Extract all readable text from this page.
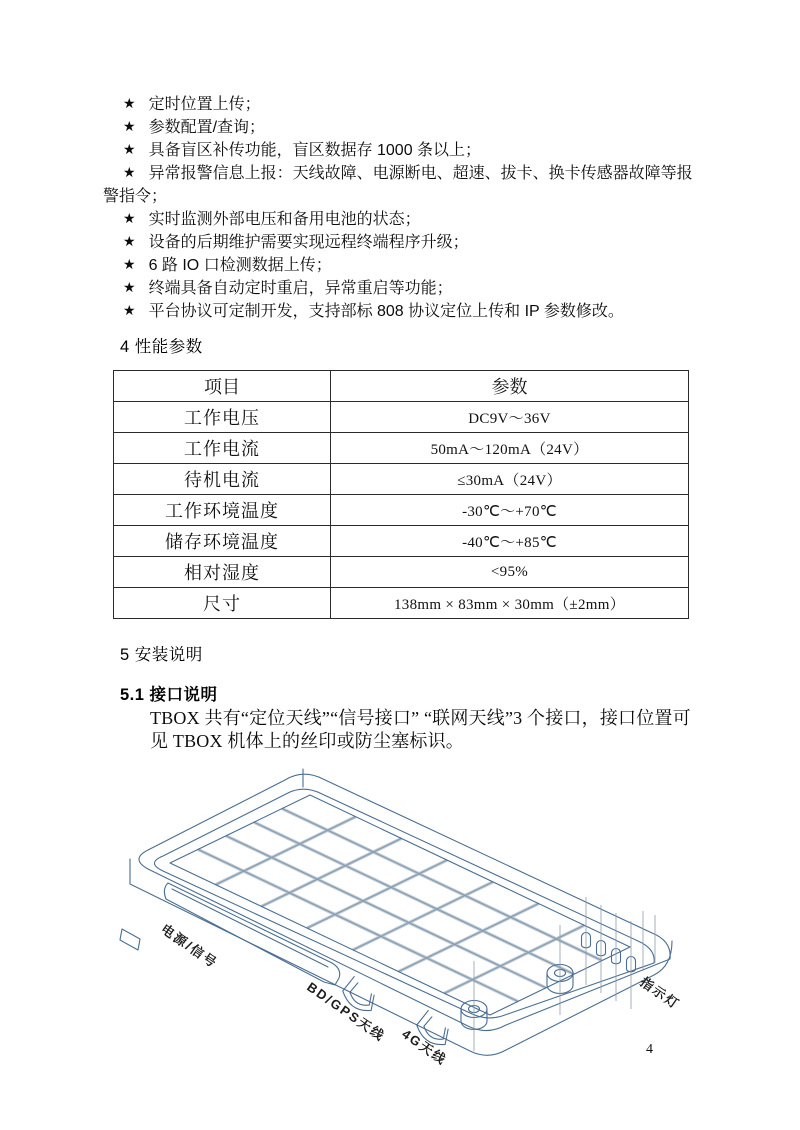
★ 定时位置上传；
★ 参数配置/查询；
★ 具备盲区补传功能，盲区数据存 1000 条以上；
★ 异常报警信息上报：天线故障、电源断电、超速、拔卡、换卡传感器故障等报警指令；
★ 实时监测外部电压和备用电池的状态；
★ 设备的后期维护需要实现远程终端程序升级；
★ 6 路 IO 口检测数据上传；
★ 终端具备自动定时重启，异常重启等功能；
★ 平台协议可定制开发，支持部标 808 协议定位上传和 IP 参数修改。
4 性能参数
项目	参数
工作电压	DC9V～36V
工作电流	50mA～120mA（24V）
待机电流	≤30mA（24V）
工作环境温度	-30℃～+70℃
储存环境温度	-40℃～+85℃
相对湿度	<95%
尺寸	138mm × 83mm × 30mm（±2mm）
5 安装说明
5.1 接口说明
TBOX 共有“定位天线”“信号接口” “联网天线”3 个接口，接口位置可见 TBOX 机体上的丝印或防尘塞标识。
电源/信号
BD/GPS天线
4G天线
指示灯
4
